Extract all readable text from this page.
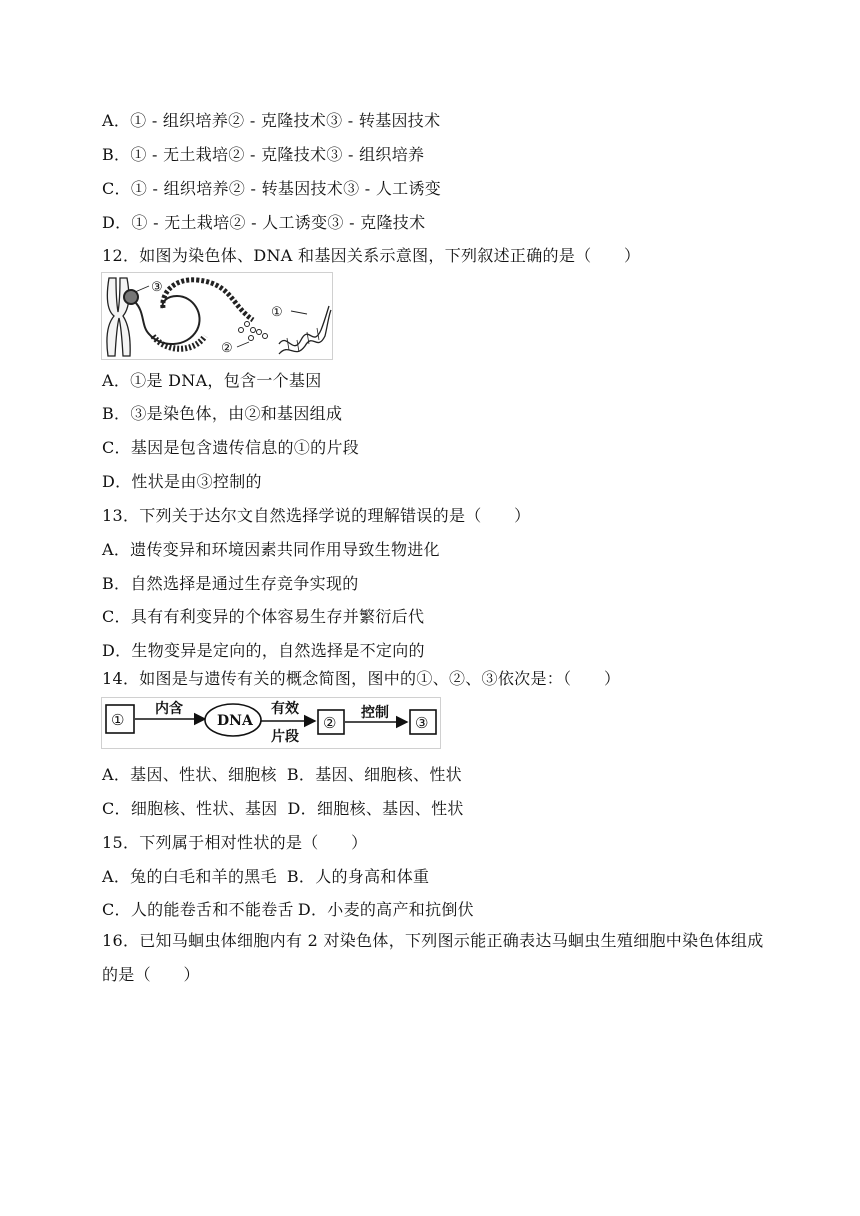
A．① - 组织培养② - 克隆技术③ - 转基因技术
B．① - 无土栽培② - 克隆技术③ - 组织培养
C．① - 组织培养② - 转基因技术③ - 人工诱变
D．① - 无土栽培② - 人工诱变③ - 克隆技术
12．如图为染色体、DNA 和基因关系示意图，下列叙述正确的是（　　）
③
①
②
A．①是 DNA，包含一个基因
B．③是染色体，由②和基因组成
C．基因是包含遗传信息的①的片段
D．性状是由③控制的
13．下列关于达尔文自然选择学说的理解错误的是（　　）
A．遗传变异和环境因素共同作用导致生物进化
B．自然选择是通过生存竞争实现的
C．具有有利变异的个体容易生存并繁衍后代
D．生物变异是定向的，自然选择是不定向的
14．如图是与遗传有关的概念简图，图中的①、②、③依次是：（　　）
①
内含
DNA
有效
片段
②
控制
③
A．基因、性状、细胞核 B．基因、细胞核、性状
C．细胞核、性状、基因 D．细胞核、基因、性状
15．下列属于相对性状的是（　　）
A．兔的白毛和羊的黑毛 B．人的身高和体重
C．人的能卷舌和不能卷舌 D．小麦的高产和抗倒伏
16．已知马蛔虫体细胞内有 2 对染色体，下列图示能正确表达马蛔虫生殖细胞中染色体组成的是（　　）
